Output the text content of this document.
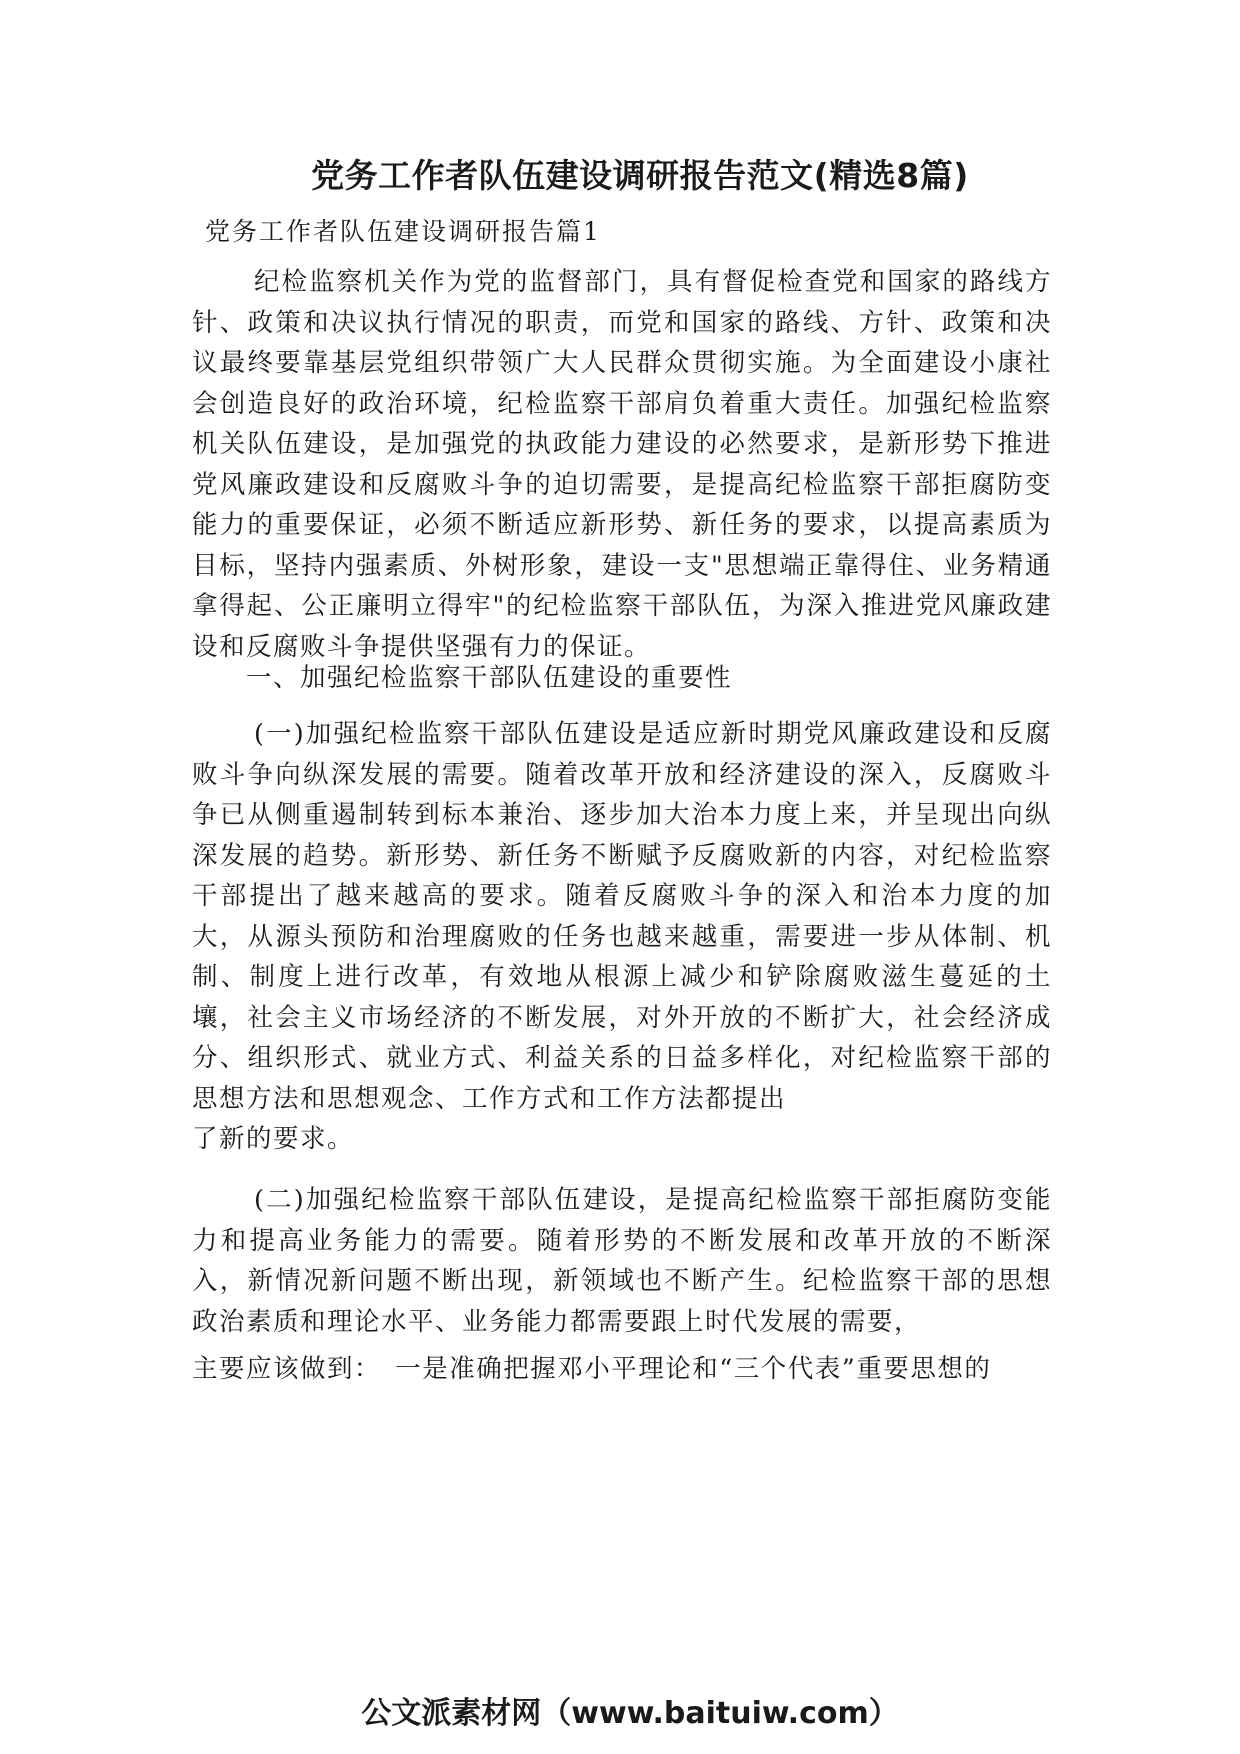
党务工作者队伍建设调研报告范文(精选8篇)

党务工作者队伍建设调研报告篇1

纪检监察机关作为党的监督部门，具有督促检查党和国家的路线方针、政策和决议执行情况的职责，而党和国家的路线、方针、政策和决议最终要靠基层党组织带领广大人民群众贯彻实施。为全面建设小康社会创造良好的政治环境，纪检监察干部肩负着重大责任。加强纪检监察机关队伍建设，是加强党的执政能力建设的必然要求，是新形势下推进党风廉政建设和反腐败斗争的迫切需要，是提高纪检监察干部拒腐防变能力的重要保证，必须不断适应新形势、新任务的要求，以提高素质为目标，坚持内强素质、外树形象，建设一支"思想端正靠得住、业务精通拿得起、公正廉明立得牢"的纪检监察干部队伍，为深入推进党风廉政建设和反腐败斗争提供坚强有力的保证。

一、加强纪检监察干部队伍建设的重要性

(一)加强纪检监察干部队伍建设是适应新时期党风廉政建设和反腐败斗争向纵深发展的需要。随着改革开放和经济建设的深入，反腐败斗争已从侧重遏制转到标本兼治、逐步加大治本力度上来，并呈现出向纵深发展的趋势。新形势、新任务不断赋予反腐败新的内容，对纪检监察干部提出了越来越高的要求。随着反腐败斗争的深入和治本力度的加大，从源头预防和治理腐败的任务也越来越重，需要进一步从体制、机制、制度上进行改革，有效地从根源上减少和铲除腐败滋生蔓延的土壤，社会主义市场经济的不断发展，对外开放的不断扩大，社会经济成分、组织形式、就业方式、利益关系的日益多样化，对纪检监察干部的思想方法和思想观念、工作方式和工作方法都提出

了新的要求。

(二)加强纪检监察干部队伍建设，是提高纪检监察干部拒腐防变能力和提高业务能力的需要。随着形势的不断发展和改革开放的不断深入，新情况新问题不断出现，新领域也不断产生。纪检监察干部的思想政治素质和理论水平、业务能力都需要跟上时代发展的需要，

主要应该做到：　一是准确把握邓小平理论和“三个代表”重要思想的

公文派素材网（www.baituiw.com）
